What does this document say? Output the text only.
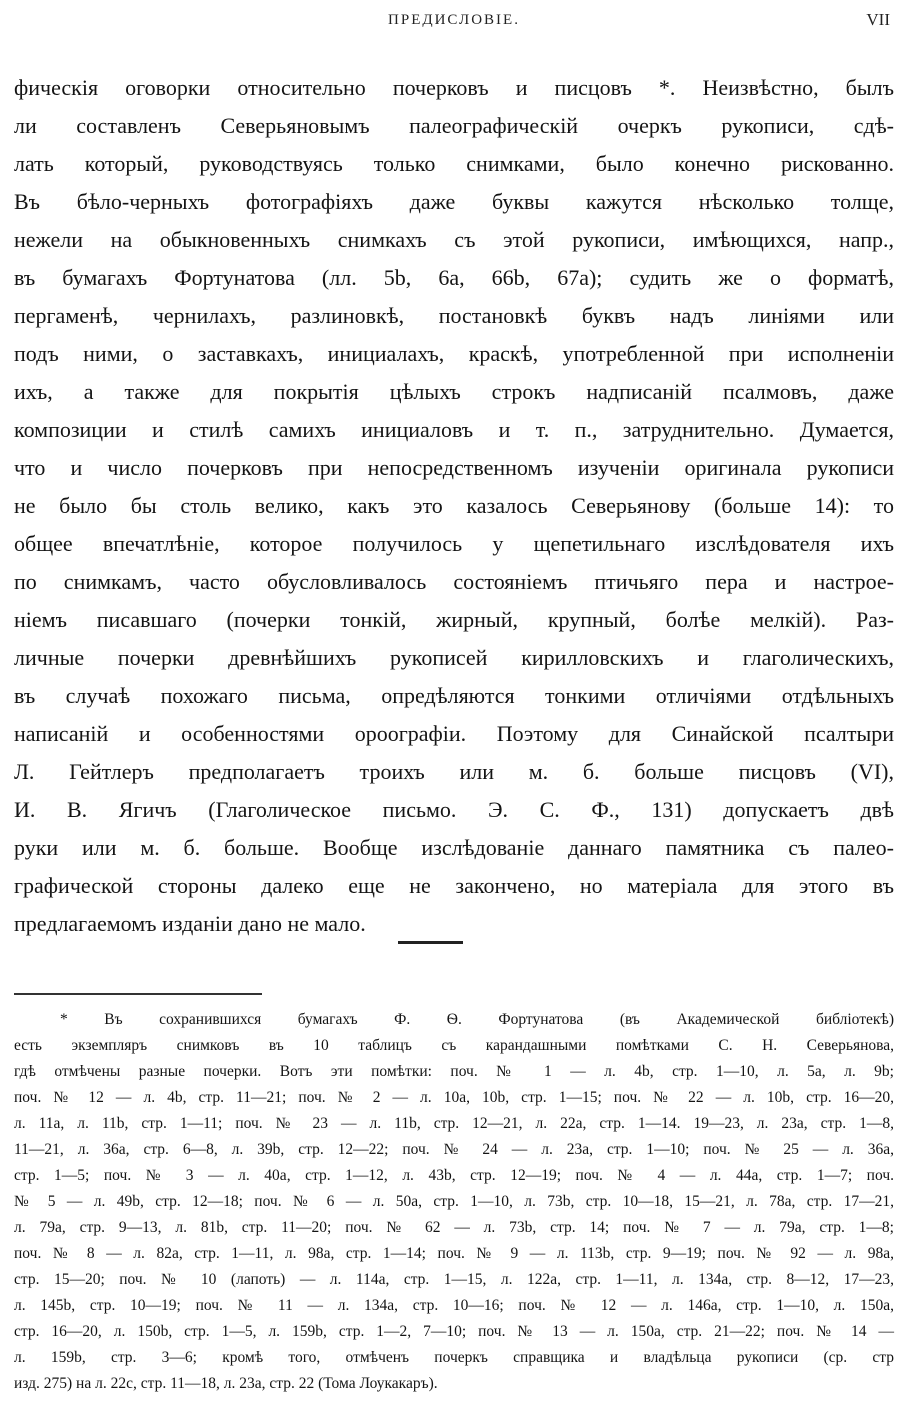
ПРЕДИСЛОВІЕ.	VII
фическія оговорки относительно почерковъ и писцовъ *. Неизвѣстно, былъ
ли составленъ Северьяновымъ палеографическій очеркъ рукописи, сдѣ-
лать который, руководствуясь только снимками, было конечно рискованно.
Въ бѣло-черныхъ фотографіяхъ даже буквы кажутся нѣсколько толще,
нежели на обыкновенныхъ снимкахъ съ этой рукописи, имѣющихся, напр.,
въ бумагахъ Фортунатова (лл. 5b, 6a, 66b, 67a); судить же о форматѣ,
пергаменѣ, чернилахъ, разлиновкѣ, постановкѣ буквъ надъ линіями или
подъ ними, о заставкахъ, инициалахъ, краскѣ, употребленной при исполненіи
ихъ, а также для покрытія цѣлыхъ строкъ надписаній псалмовъ, даже
композиции и стилѣ самихъ инициаловъ и т. п., затруднительно. Думается,
что и число почерковъ при непосредственномъ изученіи оригинала рукописи
не было бы столь велико, какъ это казалось Северьянову (больше 14): то
общее впечатлѣніе, которое получилось у щепетильнаго изслѣдователя ихъ
по снимкамъ, часто обусловливалось состояніемъ птичьяго пера и настрое-
ніемъ писавшаго (почерки тонкій, жирный, крупный, болѣе мелкій). Раз-
личные почерки древнѣйшихъ рукописей кирилловскихъ и глаголическихъ,
въ случаѣ похожаго письма, опредѣляются тонкими отличіями отдѣльныхъ
написаній и особенностями ороографіи. Поэтому для Синайской псалтыри
Л. Гейтлеръ предполагаетъ троихъ или м. б. больше писцовъ (VI),
И. В. Ягичъ (Глаголическое письмо. Э. С. Ф., 131) допускаетъ двѣ
руки или м. б. больше. Вообще изслѣдованіе даннаго памятника съ палео-
графической стороны далеко еще не закончено, но матеріала для этого въ
предлагаемомъ изданіи дано не мало.
* Въ сохранившихся бумагахъ Ф. Ѳ. Фортунатова (въ Академической библіотекѣ)
есть экземпляръ снимковъ въ 10 таблицъ съ карандашными помѣтками С. Н. Северьянова,
гдѣ отмѣчены разные почерки. Вотъ эти помѣтки: поч. № 1 — л. 4b, стр. 1—10, л. 5a, л. 9b;
поч. № 12 — л. 4b, стр. 11—21; поч. № 2 — л. 10a, 10b, стр. 1—15; поч. № 22 — л. 10b, стр. 16—20,
л. 11a, л. 11b, стр. 1—11; поч. № 23 — л. 11b, стр. 12—21, л. 22a, стр. 1—14. 19—23, л. 23a, стр. 1—8,
11—21, л. 36a, стр. 6—8, л. 39b, стр. 12—22; поч. № 24 — л. 23a, стр. 1—10; поч. № 25 — л. 36a,
стр. 1—5; поч. № 3 — л. 40a, стр. 1—12, л. 43b, стр. 12—19; поч. № 4 — л. 44a, стр. 1—7; поч.
№ 5 — л. 49b, стр. 12—18; поч. № 6 — л. 50a, стр. 1—10, л. 73b, стр. 10—18, 15—21, л. 78a, стр. 17—21,
л. 79a, стр. 9—13, л. 81b, стр. 11—20; поч. № 62 — л. 73b, стр. 14; поч. № 7 — л. 79a, стр. 1—8;
поч. № 8 — л. 82a, стр. 1—11, л. 98a, стр. 1—14; поч. № 9 — л. 113b, стр. 9—19; поч. № 92 — л. 98a,
стр. 15—20; поч. № 10 (лапоть) — л. 114a, стр. 1—15, л. 122a, стр. 1—11, л. 134a, стр. 8—12, 17—23,
л. 145b, стр. 10—19; поч. № 11 — л. 134a, стр. 10—16; поч. № 12 — л. 146a, стр. 1—10, л. 150a,
стр. 16—20, л. 150b, стр. 1—5, л. 159b, стр. 1—2, 7—10; поч. № 13 — л. 150a, стр. 21—22; поч. № 14 —
л. 159b, стр. 3—6; кромѣ того, отмѣченъ почеркъ справщика и владѣльца рукописи (ср. стр
изд. 275) на л. 22c, стр. 11—18, л. 23a, стр. 22 (Тома Лоукакаръ).
